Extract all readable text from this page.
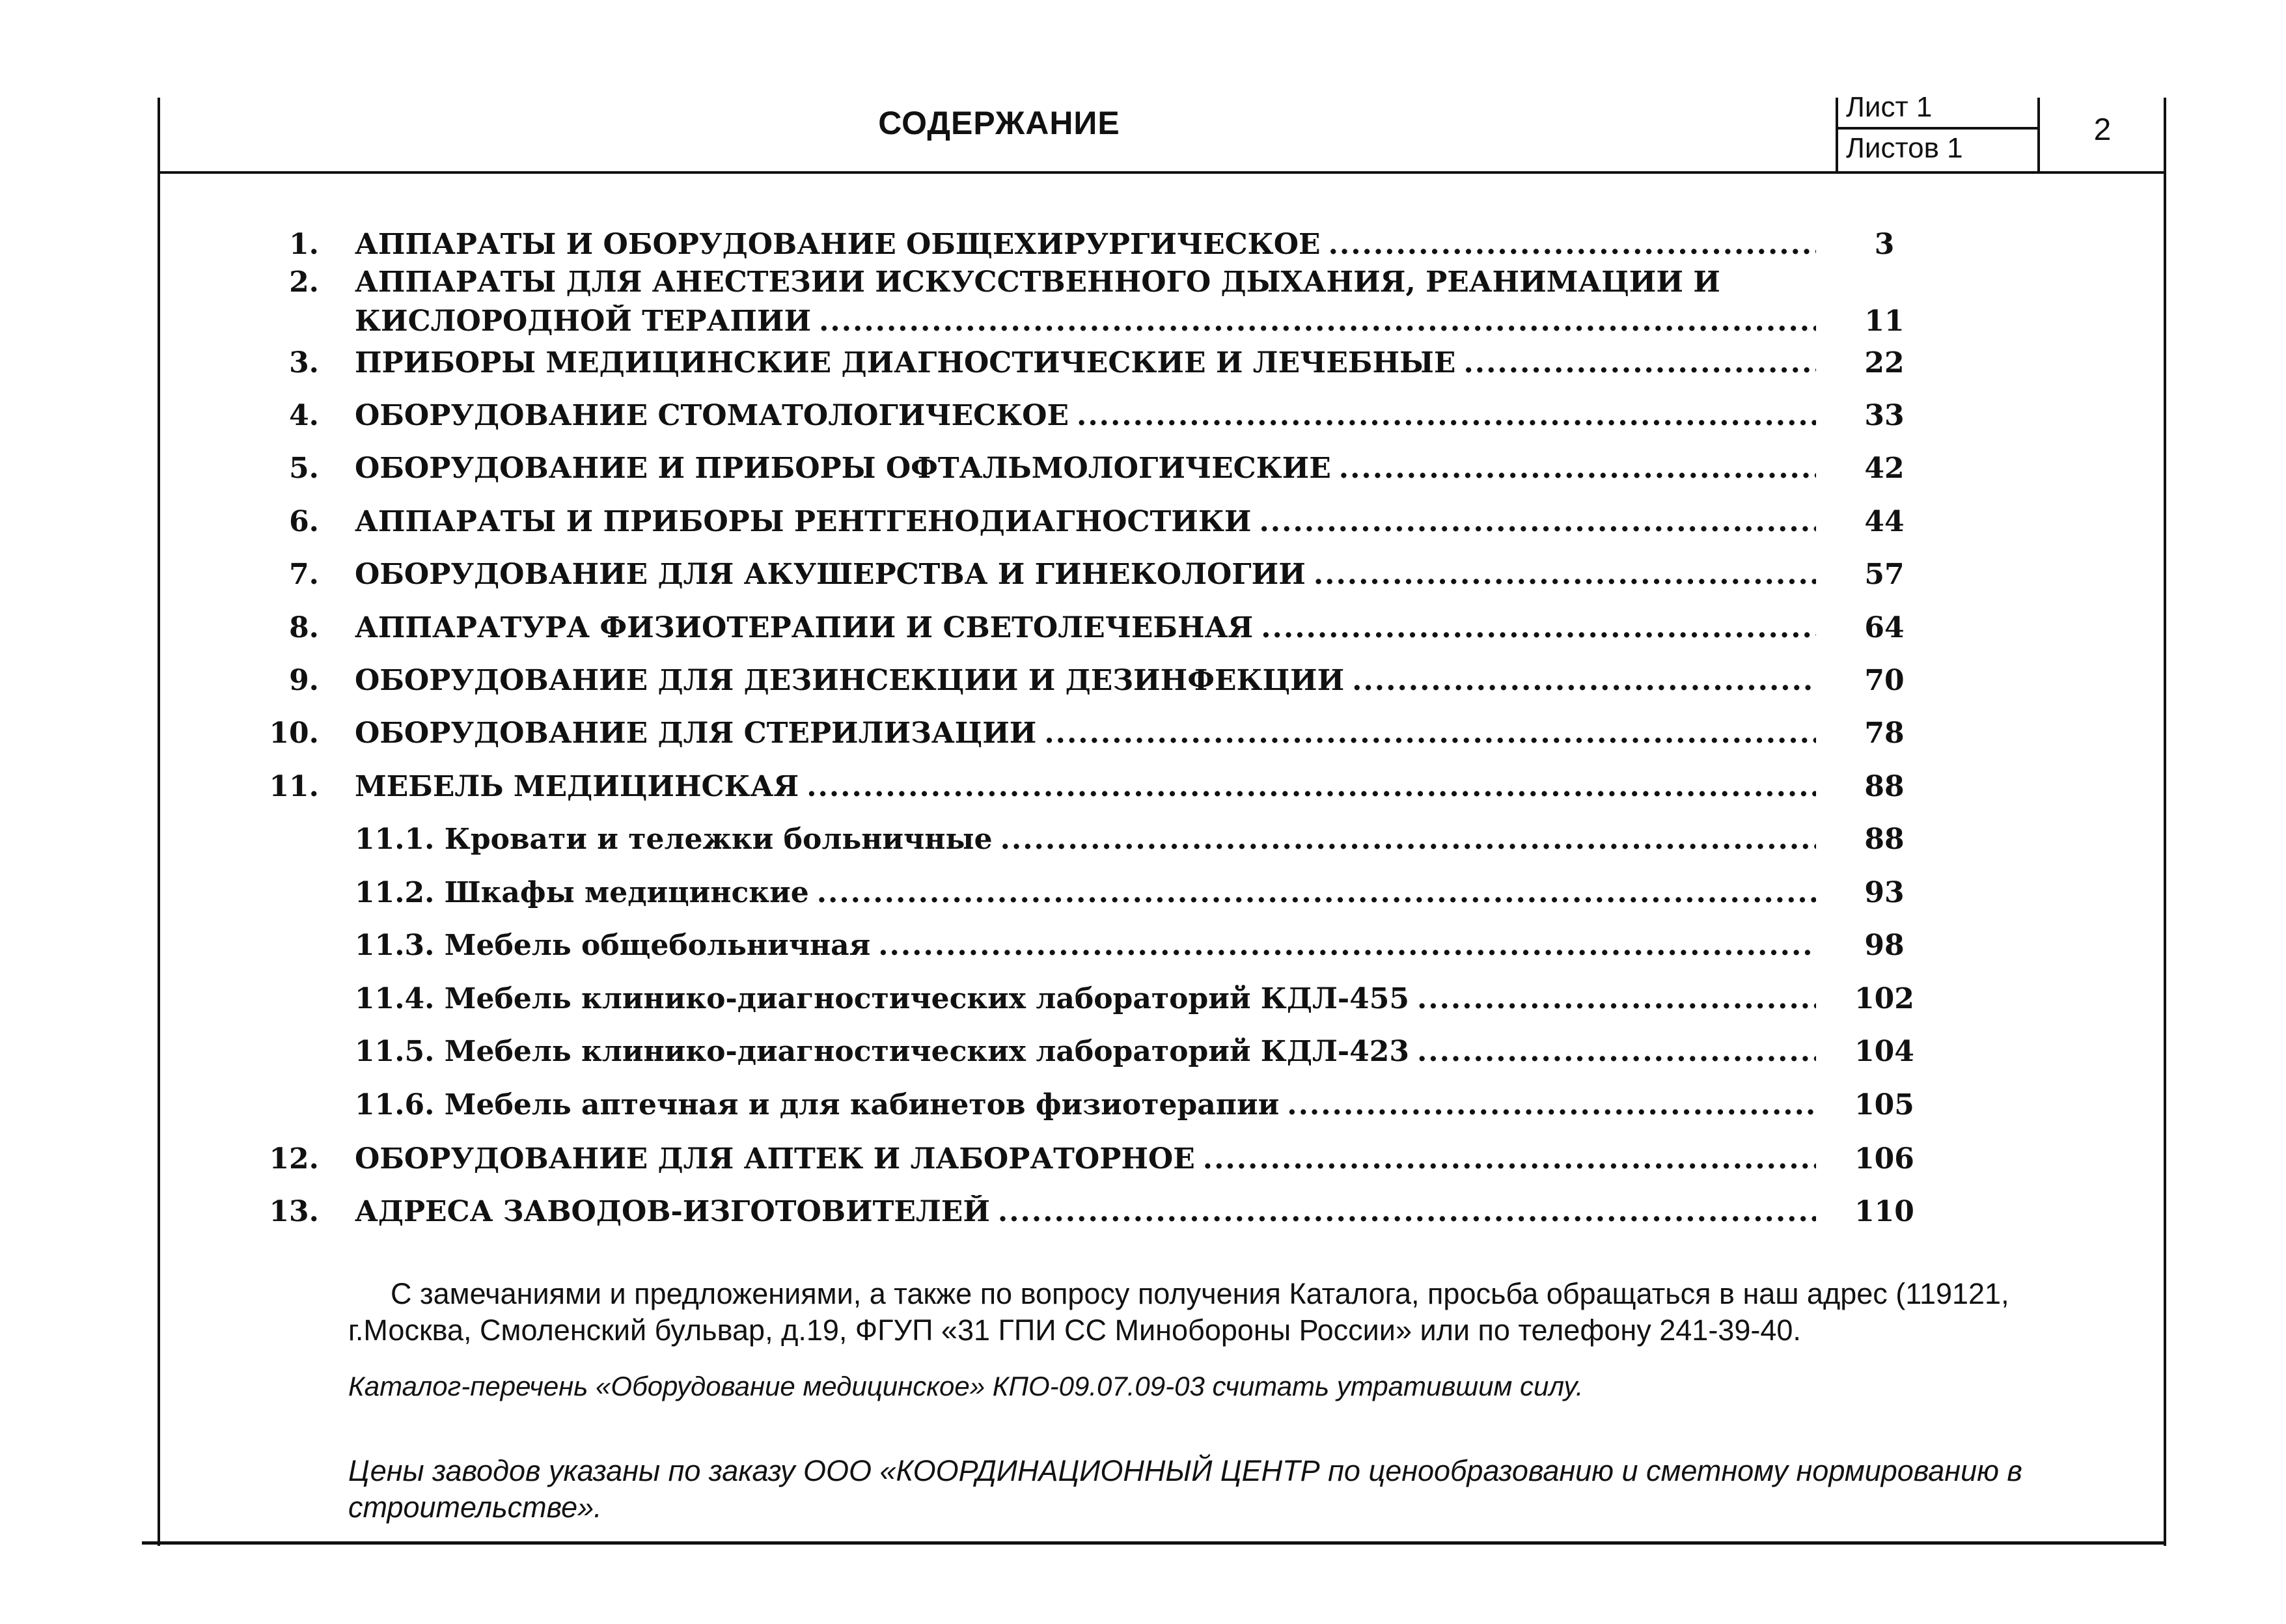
СОДЕРЖАНИЕ	Лист 1
Листов 1
2
1. АППАРАТЫ И ОБОРУДОВАНИЕ ОБЩЕХИРУРГИЧЕСКОЕ .....	3
2. АППАРАТЫ ДЛЯ АНЕСТЕЗИИ ИСКУССТВЕННОГО ДЫХАНИЯ, РЕАНИМАЦИИ И
КИСЛОРОДНОЙ ТЕРАПИИ .....	11
3. ПРИБОРЫ МЕДИЦИНСКИЕ ДИАГНОСТИЧЕСКИЕ И ЛЕЧЕБНЫЕ .....	22
4. ОБОРУДОВАНИЕ СТОМАТОЛОГИЧЕСКОЕ .....	33
5. ОБОРУДОВАНИЕ И ПРИБОРЫ ОФТАЛЬМОЛОГИЧЕСКИЕ .....	42
6. АППАРАТЫ И ПРИБОРЫ РЕНТГЕНОДИАГНОСТИКИ .....	44
7. ОБОРУДОВАНИЕ ДЛЯ АКУШЕРСТВА И ГИНЕКОЛОГИИ .....	57
8. АППАРАТУРА ФИЗИОТЕРАПИИ И СВЕТОЛЕЧЕБНАЯ .....	64
9. ОБОРУДОВАНИЕ ДЛЯ ДЕЗИНСЕКЦИИ И ДЕЗИНФЕКЦИИ .....	70
10. ОБОРУДОВАНИЕ ДЛЯ СТЕРИЛИЗАЦИИ .....	78
11. МЕБЕЛЬ МЕДИЦИНСКАЯ .....	88
11.1. Кровати и тележки больничные .....	88
11.2. Шкафы медицинские .....	93
11.3. Мебель общебольничная .....	98
11.4. Мебель клинико-диагностических лабораторий КДЛ-455 .....	102
11.5. Мебель клинико-диагностических лабораторий КДЛ-423 .....	104
11.6. Мебель аптечная и для кабинетов физиотерапии .....	105
12. ОБОРУДОВАНИЕ ДЛЯ АПТЕК И ЛАБОРАТОРНОЕ .....	106
13. АДРЕСА ЗАВОДОВ-ИЗГОТОВИТЕЛЕЙ .....	110
С замечаниями и предложениями, а также по вопросу получения Каталога, просьба обращаться в наш адрес (119121,
г.Москва, Смоленский бульвар, д.19, ФГУП «31 ГПИ СС Минобороны России» или по телефону 241-39-40.
Каталог-перечень «Оборудование медицинское» КПО-09.07.09-03 считать утратившим силу.
Цены заводов указаны по заказу ООО «КООРДИНАЦИОННЫЙ ЦЕНТР по ценообразованию и сметному нормированию в
строительстве».
